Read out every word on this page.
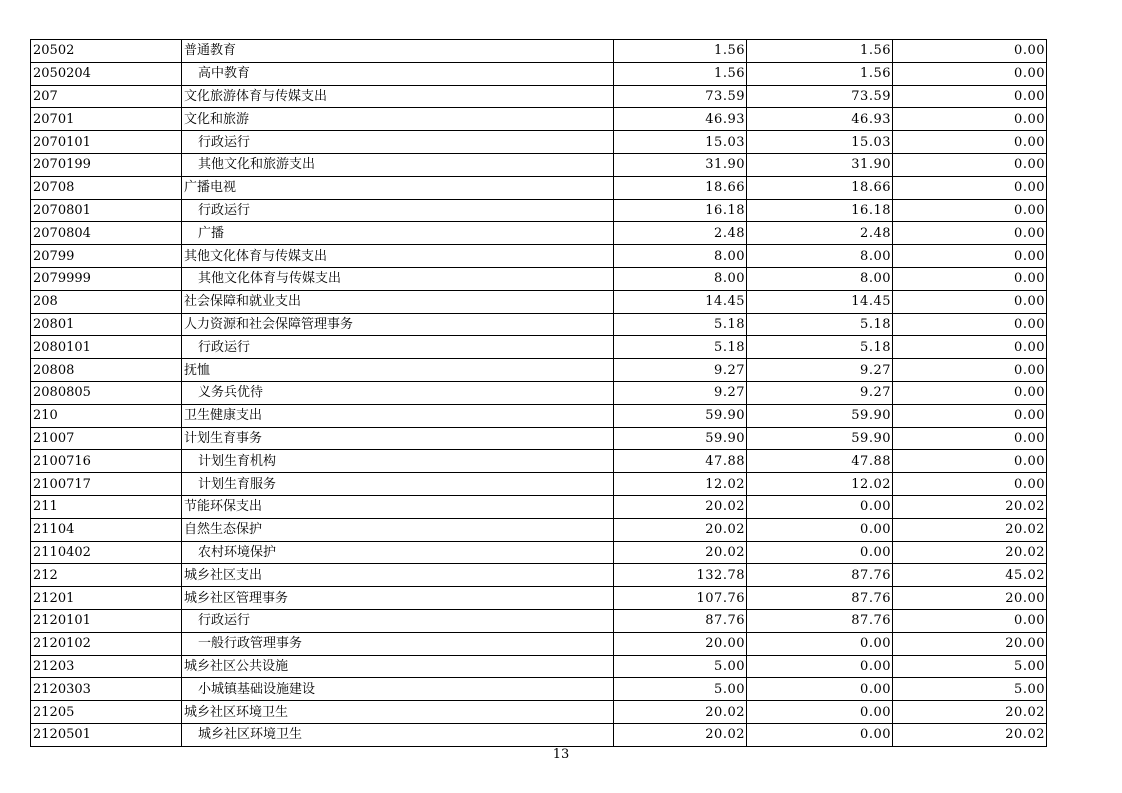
20502	普通教育	1.56	1.56	0.00
2050204	高中教育	1.56	1.56	0.00
207	文化旅游体育与传媒支出	73.59	73.59	0.00
20701	文化和旅游	46.93	46.93	0.00
2070101	行政运行	15.03	15.03	0.00
2070199	其他文化和旅游支出	31.90	31.90	0.00
20708	广播电视	18.66	18.66	0.00
2070801	行政运行	16.18	16.18	0.00
2070804	广播	2.48	2.48	0.00
20799	其他文化体育与传媒支出	8.00	8.00	0.00
2079999	其他文化体育与传媒支出	8.00	8.00	0.00
208	社会保障和就业支出	14.45	14.45	0.00
20801	人力资源和社会保障管理事务	5.18	5.18	0.00
2080101	行政运行	5.18	5.18	0.00
20808	抚恤	9.27	9.27	0.00
2080805	义务兵优待	9.27	9.27	0.00
210	卫生健康支出	59.90	59.90	0.00
21007	计划生育事务	59.90	59.90	0.00
2100716	计划生育机构	47.88	47.88	0.00
2100717	计划生育服务	12.02	12.02	0.00
211	节能环保支出	20.02	0.00	20.02
21104	自然生态保护	20.02	0.00	20.02
2110402	农村环境保护	20.02	0.00	20.02
212	城乡社区支出	132.78	87.76	45.02
21201	城乡社区管理事务	107.76	87.76	20.00
2120101	行政运行	87.76	87.76	0.00
2120102	一般行政管理事务	20.00	0.00	20.00
21203	城乡社区公共设施	5.00	0.00	5.00
2120303	小城镇基础设施建设	5.00	0.00	5.00
21205	城乡社区环境卫生	20.02	0.00	20.02
2120501	城乡社区环境卫生	20.02	0.00	20.02
13
